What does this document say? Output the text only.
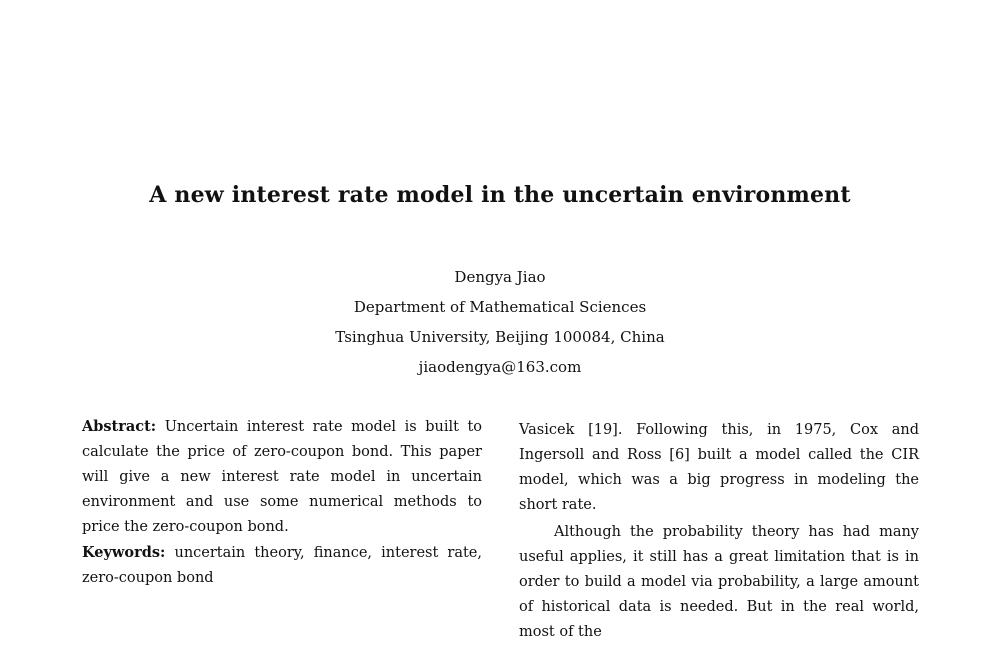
A new interest rate model in the uncertain environment
Dengya Jiao
Department of Mathematical Sciences
Tsinghua University, Beijing 100084, China
jiaodengya@163.com

Abstract: Uncertain interest rate model is built to calculate the price of zero-coupon bond. This paper will give a new interest rate model in uncertain environment and use some numerical methods to price the zero-coupon bond.

Keywords: uncertain theory, finance, interest rate, zero-coupon bond

Vasicek [19]. Following this, in 1975, Cox and Ingersoll and Ross [6] built a model called the CIR model, which was a big progress in modeling the short rate.

Although the probability theory has had many useful applies, it still has a great limitation that is in order to build a model via probability, a large amount of historical data is needed. But in the real world, most of the
